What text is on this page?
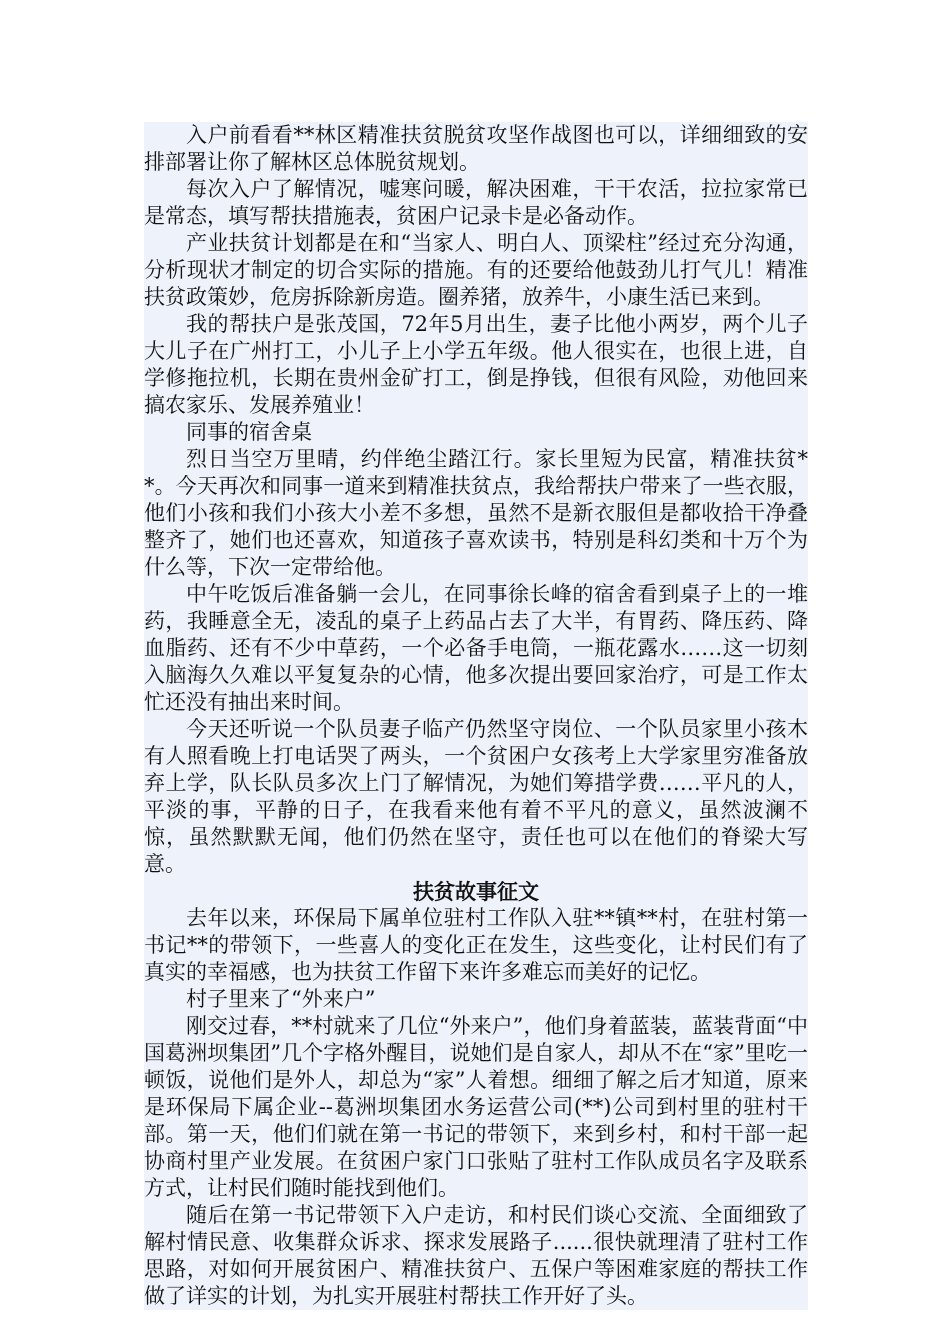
入户前看看**林区精准扶贫脱贫攻坚作战图也可以，详细细致的安排部署让你了解林区总体脱贫规划。

每次入户了解情况，嘘寒问暖，解决困难，干干农活，拉拉家常已是常态，填写帮扶措施表，贫困户记录卡是必备动作。

产业扶贫计划都是在和“当家人、明白人、顶梁柱”经过充分沟通，分析现状才制定的切合实际的措施。有的还要给他鼓劲儿打气儿！精准扶贫政策妙，危房拆除新房造。圈养猪，放养牛，小康生活已来到。

我的帮扶户是张茂国，72年5月出生，妻子比他小两岁，两个儿子大儿子在广州打工，小儿子上小学五年级。他人很实在，也很上进，自学修拖拉机，长期在贵州金矿打工，倒是挣钱，但很有风险，劝他回来搞农家乐、发展养殖业！

同事的宿舍桌

烈日当空万里晴，约伴绝尘踏江行。家长里短为民富，精准扶贫**。今天再次和同事一道来到精准扶贫点，我给帮扶户带来了一些衣服，他们小孩和我们小孩大小差不多想，虽然不是新衣服但是都收拾干净叠整齐了，她们也还喜欢，知道孩子喜欢读书，特别是科幻类和十万个为什么等，下次一定带给他。

中午吃饭后准备躺一会儿，在同事徐长峰的宿舍看到桌子上的一堆药，我睡意全无，凌乱的桌子上药品占去了大半，有胃药、降压药、降血脂药、还有不少中草药，一个必备手电筒，一瓶花露水……这一切刻入脑海久久难以平复复杂的心情，他多次提出要回家治疗，可是工作太忙还没有抽出来时间。

今天还听说一个队员妻子临产仍然坚守岗位、一个队员家里小孩木有人照看晚上打电话哭了两头，一个贫困户女孩考上大学家里穷准备放弃上学，队长队员多次上门了解情况，为她们筹措学费……平凡的人，平淡的事，平静的日子，在我看来他有着不平凡的意义，虽然波澜不惊，虽然默默无闻，他们仍然在坚守，责任也可以在他们的脊梁大写意。

扶贫故事征文

去年以来，环保局下属单位驻村工作队入驻**镇**村，在驻村第一书记**的带领下，一些喜人的变化正在发生，这些变化，让村民们有了真实的幸福感，也为扶贫工作留下来许多难忘而美好的记忆。

村子里来了“外来户”

刚交过春，**村就来了几位“外来户”，他们身着蓝装，蓝装背面“中国葛洲坝集团”几个字格外醒目，说她们是自家人，却从不在“家”里吃一顿饭，说他们是外人，却总为“家”人着想。细细了解之后才知道，原来是环保局下属企业--葛洲坝集团水务运营公司(**)公司到村里的驻村干部。第一天，他们们就在第一书记的带领下，来到乡村，和村干部一起协商村里产业发展。在贫困户家门口张贴了驻村工作队成员名字及联系方式，让村民们随时能找到他们。

随后在第一书记带领下入户走访，和村民们谈心交流、全面细致了解村情民意、收集群众诉求、探求发展路子......很快就理清了驻村工作思路，对如何开展贫困户、精准扶贫户、五保户等困难家庭的帮扶工作做了详实的计划，为扎实开展驻村帮扶工作开好了头。
